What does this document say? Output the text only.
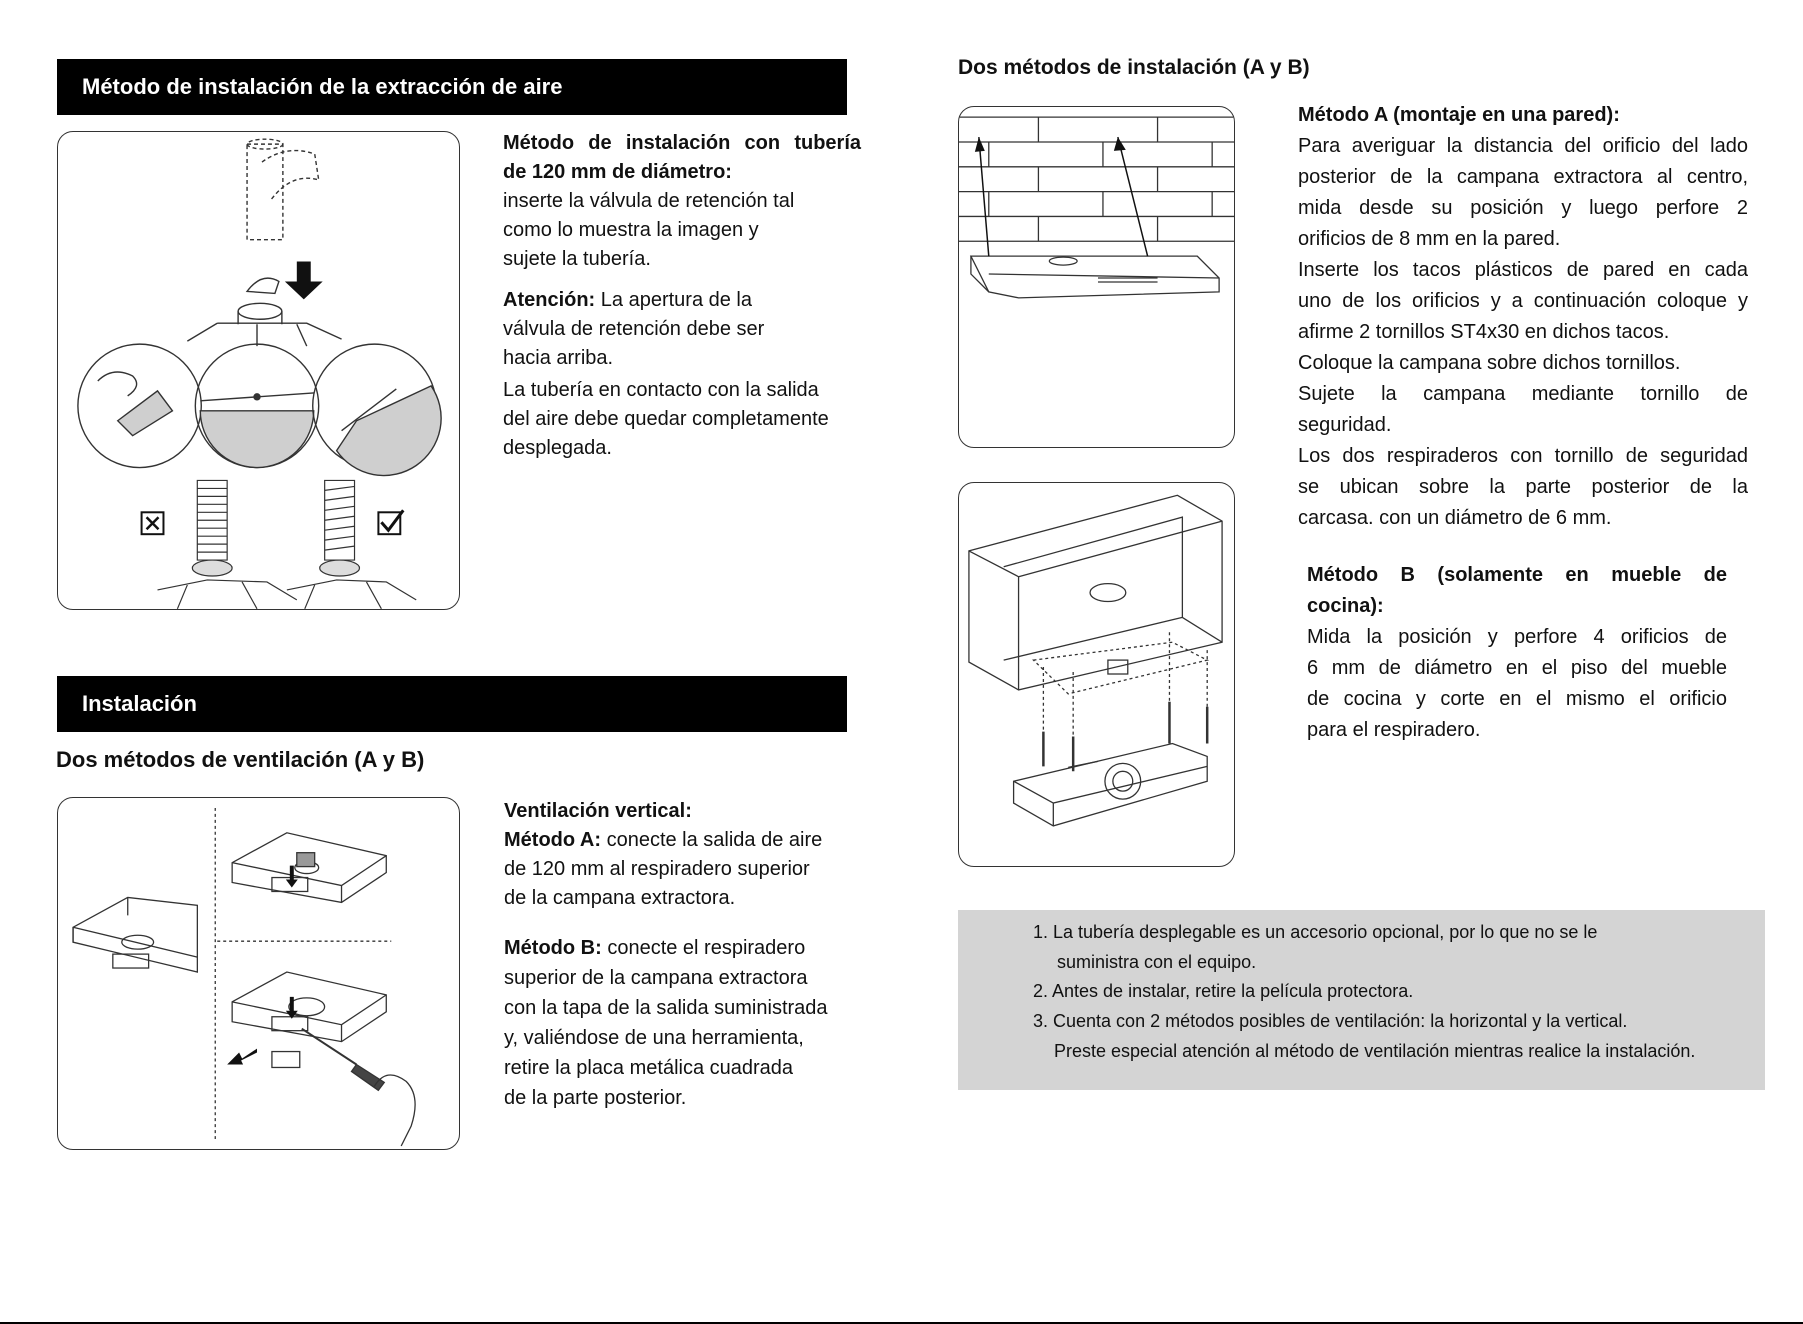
Método de instalación de la extracción de aire

Método de instalación con tubería

de 120 mm de diámetro:

inserte la válvula de retención tal

como lo muestra la imagen y

sujete la tubería.

Atención: La apertura de la

válvula de retención debe ser

hacia arriba.

La tubería en contacto con la salida

del aire debe quedar completamente

desplegada.

Instalación
Dos métodos de ventilación (A y B)

Ventilación vertical:

Método A: conecte la salida de aire

de 120 mm al respiradero superior

de la campana extractora.

Método B: conecte el respiradero

superior de la campana extractora

con la tapa de la salida suministrada

y, valiéndose de una herramienta,

retire la placa metálica cuadrada

de la parte posterior.

Dos métodos de instalación (A y B)

Método A (montaje en una pared):

Para averiguar la distancia del orificio del lado

posterior de la campana extractora al centro,

mida desde su posición y luego perfore 2

orificios de 8 mm en la pared.

Inserte los tacos plásticos de pared en cada

uno de los orificios y a continuación coloque y

afirme 2 tornillos ST4x30 en dichos tacos.

Coloque la campana sobre dichos tornillos.

Sujete la campana mediante tornillo de

seguridad.

Los dos respiraderos con tornillo de seguridad

se ubican sobre la parte posterior de la

carcasa. con un diámetro de 6 mm.

Método B (solamente en mueble de

cocina):

Mida la posición y perfore 4 orificios de

6 mm de diámetro en el piso del mueble

de cocina y corte en el mismo el orificio

para el respiradero.

1. La tubería desplegable es un accesorio opcional, por lo que no se le
suministra con el equipo.
2. Antes de instalar, retire la película protectora.
3. Cuenta con 2 métodos posibles de ventilación: la horizontal y la vertical.
Preste especial atención al método de ventilación mientras realice la instalación.
